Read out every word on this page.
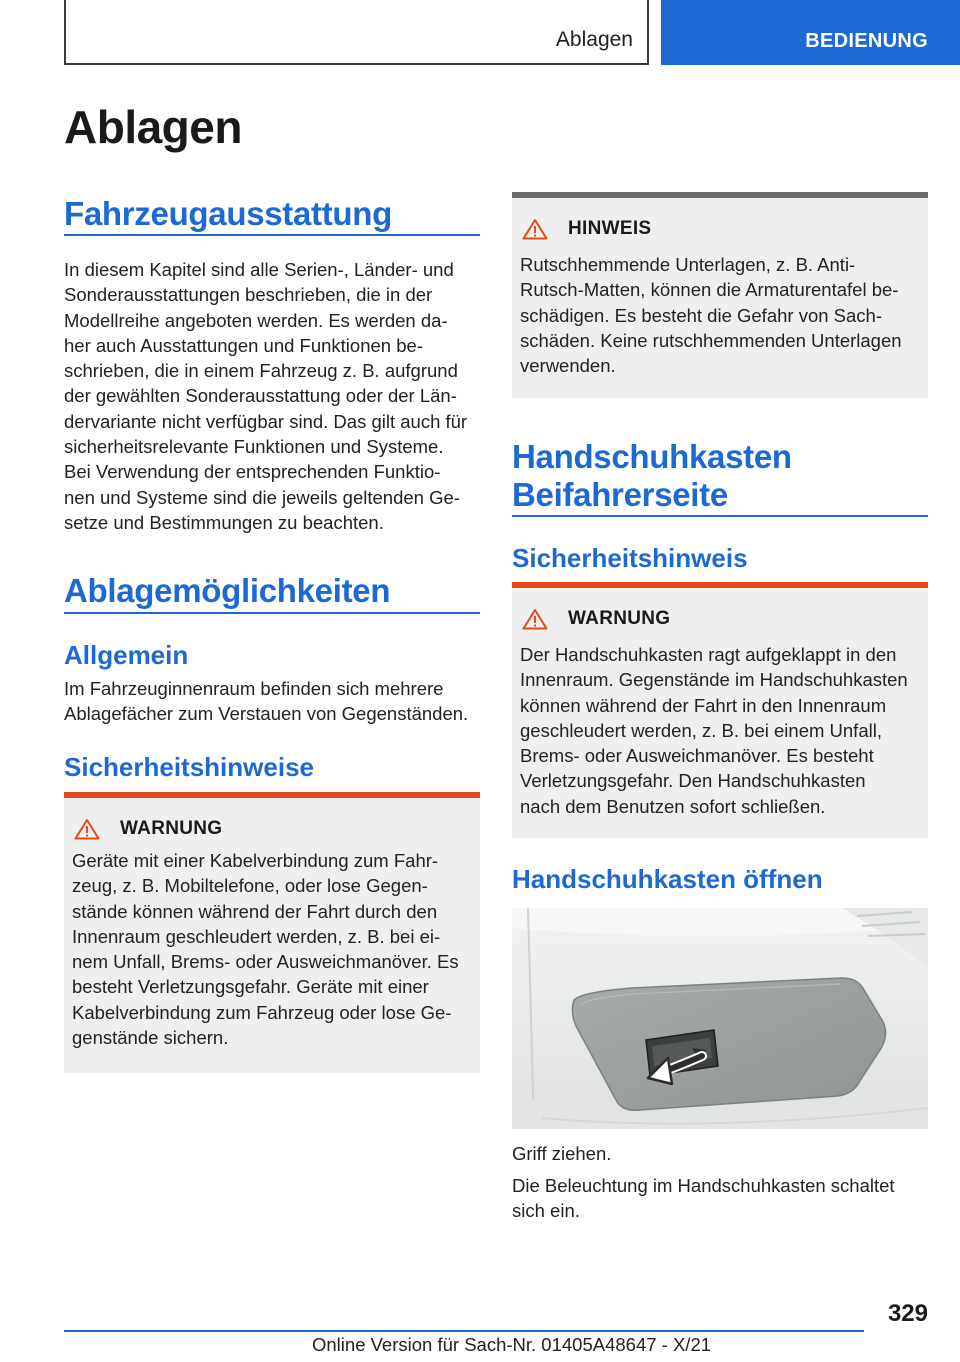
Ablagen	BEDIENUNG
Ablagen
Fahrzeugausstattung
In diesem Kapitel sind alle Serien-, Länder- und
Sonderausstattungen beschrieben, die in der
Modellreihe angeboten werden. Es werden da-
her auch Ausstattungen und Funktionen be-
schrieben, die in einem Fahrzeug z. B. aufgrund
der gewählten Sonderausstattung oder der Län-
dervariante nicht verfügbar sind. Das gilt auch für
sicherheitsrelevante Funktionen und Systeme.
Bei Verwendung der entsprechenden Funktio-
nen und Systeme sind die jeweils geltenden Ge-
setze und Bestimmungen zu beachten.
Ablagemöglichkeiten
Allgemein
Im Fahrzeuginnenraum befinden sich mehrere
Ablagefächer zum Verstauen von Gegenständen.
Sicherheitshinweise
WARNUNG
Geräte mit einer Kabelverbindung zum Fahr-
zeug, z. B. Mobiltelefone, oder lose Gegen-
stände können während der Fahrt durch den
Innenraum geschleudert werden, z. B. bei ei-
nem Unfall, Brems- oder Ausweichmanöver. Es
besteht Verletzungsgefahr. Geräte mit einer
Kabelverbindung zum Fahrzeug oder lose Ge-
genstände sichern.
HINWEIS
Rutschhemmende Unterlagen, z. B. Anti-
Rutsch-Matten, können die Armaturentafel be-
schädigen. Es besteht die Gefahr von Sach-
schäden. Keine rutschhemmenden Unterlagen
verwenden.
Handschuhkasten
Beifahrerseite
Sicherheitshinweis
WARNUNG
Der Handschuhkasten ragt aufgeklappt in den
Innenraum. Gegenstände im Handschuhkasten
können während der Fahrt in den Innenraum
geschleudert werden, z. B. bei einem Unfall,
Brems- oder Ausweichmanöver. Es besteht
Verletzungsgefahr. Den Handschuhkasten
nach dem Benutzen sofort schließen.
Handschuhkasten öffnen
Griff ziehen.
Die Beleuchtung im Handschuhkasten schaltet
sich ein.
329
Online Version für Sach-Nr. 01405A48647 - X/21
